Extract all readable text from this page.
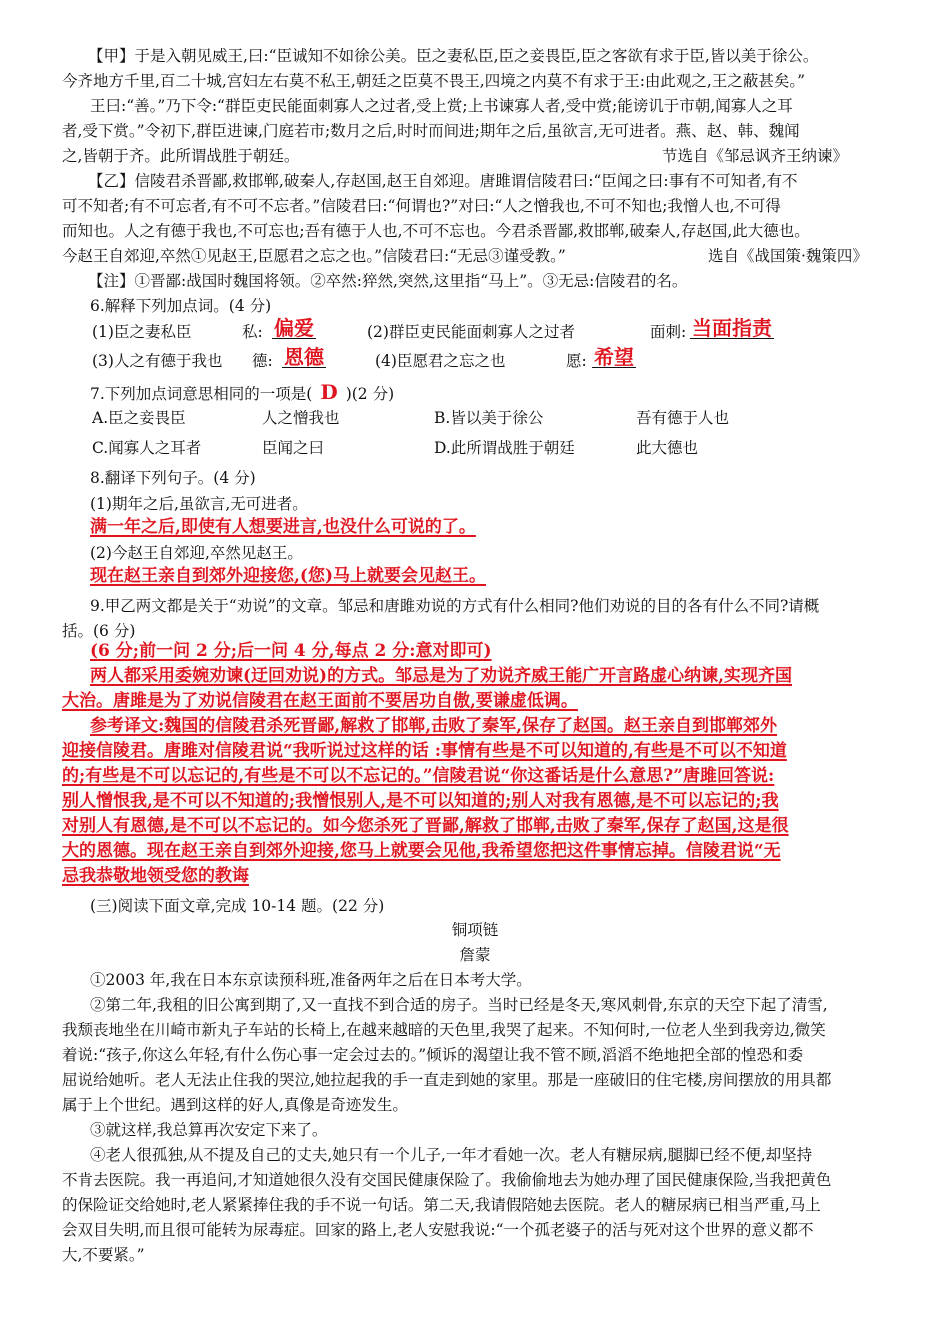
【甲】于是入朝见威王,曰:“臣诚知不如徐公美。臣之妻私臣,臣之妾畏臣,臣之客欲有求于臣,皆以美于徐公。
今齐地方千里,百二十城,宫妇左右莫不私王,朝廷之臣莫不畏王,四境之内莫不有求于王:由此观之,王之蔽甚矣。”
王曰:“善。”乃下令:“群臣吏民能面刺寡人之过者,受上赏;上书谏寡人者,受中赏;能谤讥于市朝,闻寡人之耳
者,受下赏。”令初下,群臣进谏,门庭若市;数月之后,时时而间进;期年之后,虽欲言,无可进者。燕、赵、韩、魏闻
之,皆朝于齐。此所谓战胜于朝廷。	节选自《邹忌讽齐王纳谏》
【乙】信陵君杀晋鄙,救邯郸,破秦人,存赵国,赵王自郊迎。唐雎谓信陵君曰:“臣闻之曰:事有不可知者,有不
可不知者;有不可忘者,有不可不忘者。”信陵君曰:“何谓也?”对曰:“人之憎我也,不可不知也;我憎人也,不可得
而知也。人之有德于我也,不可忘也;吾有德于人也,不可不忘也。今君杀晋鄙,救邯郸,破秦人,存赵国,此大德也。
今赵王自郊迎,卒然①见赵王,臣愿君之忘之也。”信陵君曰:“无忌③谨受教。”	选自《战国策·魏策四》
【注】①晋鄙:战国时魏国将领。②卒然:猝然,突然,这里指“马上”。③无忌:信陵君的名。
6.解释下列加点词。(4 分)
(1)臣之妻私臣	私: 偏爱	(2)群臣吏民能面刺寡人之过者	面刺: 当面指责
(3)人之有德于我也 德: 恩德	(4)臣愿君之忘之也	愿: 希望
7.下列加点词意思相同的一项是( D )(2 分)
A.臣之妾畏臣	人之憎我也	B.皆以美于徐公	吾有德于人也
C.闻寡人之耳者	臣闻之曰	D.此所谓战胜于朝廷	此大德也
8.翻译下列句子。(4 分)
(1)期年之后,虽欲言,无可进者。
满一年之后,即使有人想要进言,也没什么可说的了。
(2)今赵王自郊迎,卒然见赵王。
现在赵王亲自到郊外迎接您,(您)马上就要会见赵王。
9.甲乙两文都是关于“劝说”的文章。邹忌和唐雎劝说的方式有什么相同?他们劝说的目的各有什么不同?请概
括。(6 分)
(6 分;前一问 2 分;后一问 4 分,每点 2 分:意对即可)
两人都采用委婉劝谏(迂回劝说)的方式。邹忌是为了劝说齐威王能广开言路虚心纳谏,实现齐国
大治。唐雎是为了劝说信陵君在赵王面前不要居功自傲,要谦虚低调。
参考译文:魏国的信陵君杀死晋鄙,解救了邯郸,击败了秦军,保存了赵国。赵王亲自到邯郸郊外
迎接信陵君。唐雎对信陵君说“我听说过这样的话 :事情有些是不可以知道的,有些是不可以不知道
的;有些是不可以忘记的,有些是不可以不忘记的。”信陵君说“你这番话是什么意思?”唐雎回答说:
别人憎恨我,是不可以不知道的;我憎恨别人,是不可以知道的;别人对我有恩德,是不可以忘记的;我
对别人有恩德,是不可以不忘记的。如今您杀死了晋鄙,解救了邯郸,击败了秦军,保存了赵国,这是很
大的恩德。现在赵王亲自到郊外迎接,您马上就要会见他,我希望您把这件事情忘掉。信陵君说“无
忌我恭敬地领受您的教诲
(三)阅读下面文章,完成 10-14 题。(22 分)
铜项链
詹蒙
①2003 年,我在日本东京读预科班,准备两年之后在日本考大学。
②第二年,我租的旧公寓到期了,又一直找不到合适的房子。当时已经是冬天,寒风刺骨,东京的天空下起了清雪,
我颓丧地坐在川崎市新丸子车站的长椅上,在越来越暗的天色里,我哭了起来。不知何时,一位老人坐到我旁边,微笑
着说:“孩子,你这么年轻,有什么伤心事一定会过去的。”倾诉的渴望让我不管不顾,滔滔不绝地把全部的惶恐和委
屈说给她听。老人无法止住我的哭泣,她拉起我的手一直走到她的家里。那是一座破旧的住宅楼,房间摆放的用具都
属于上个世纪。遇到这样的好人,真像是奇迹发生。
③就这样,我总算再次安定下来了。
④老人很孤独,从不提及自己的丈夫,她只有一个儿子,一年才看她一次。老人有糖尿病,腿脚已经不便,却坚持
不肯去医院。我一再追问,才知道她很久没有交国民健康保险了。我偷偷地去为她办理了国民健康保险,当我把黄色
的保险证交给她时,老人紧紧捧住我的手不说一句话。第二天,我请假陪她去医院。老人的糖尿病已相当严重,马上
会双目失明,而且很可能转为尿毒症。回家的路上,老人安慰我说:“一个孤老婆子的活与死对这个世界的意义都不
大,不要紧。”
